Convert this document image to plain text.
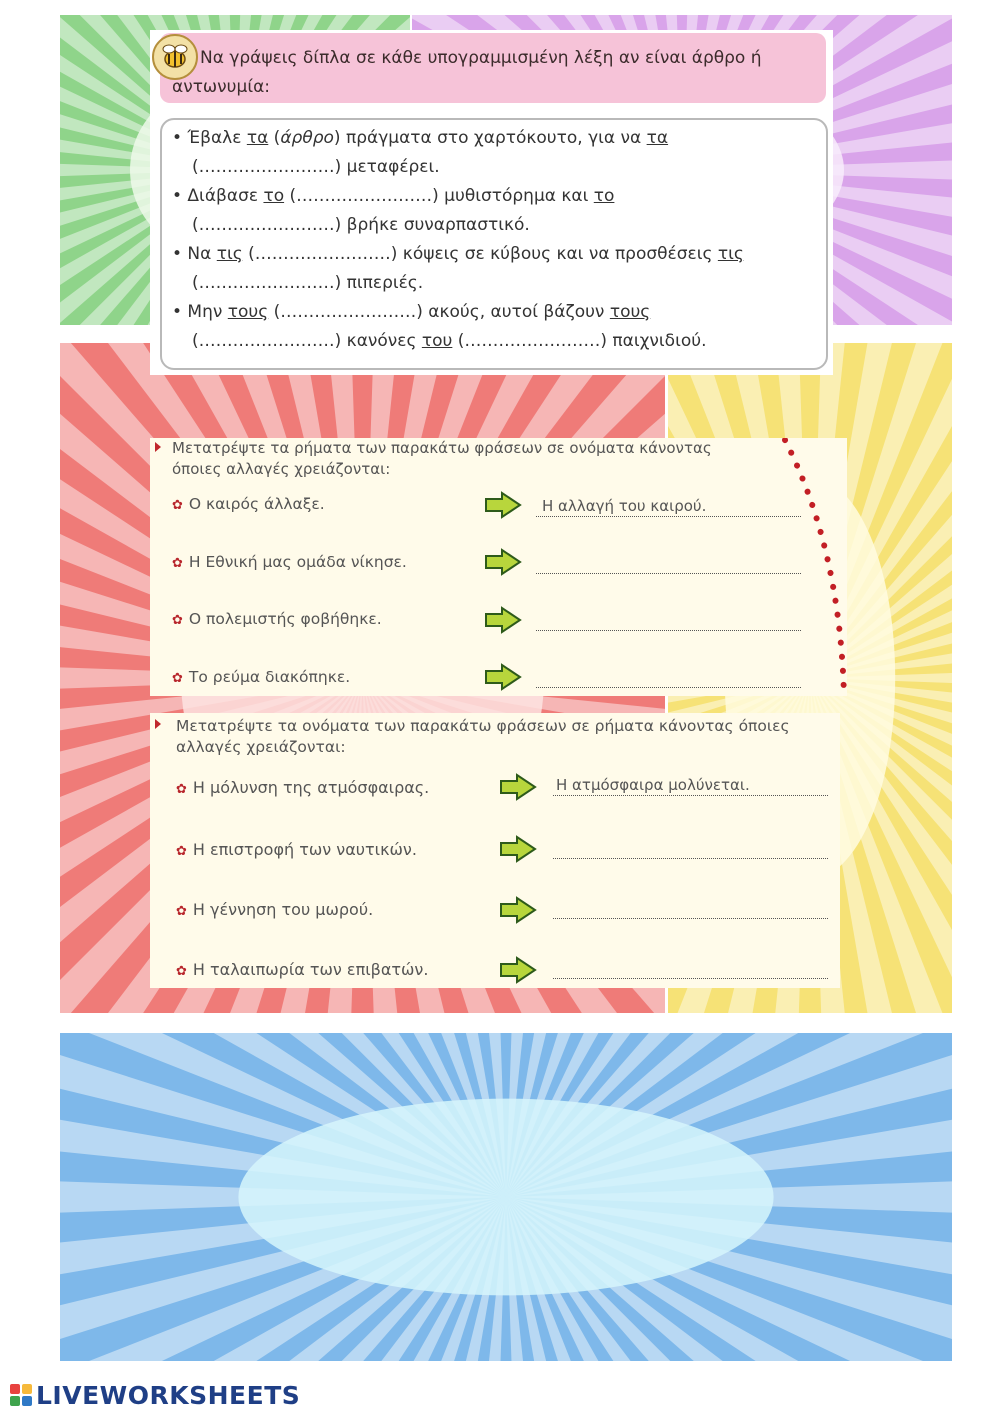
Να γράψεις δίπλα σε κάθε υπογραμμισμένη λέξη αν είναι άρθρο ή αντωνυμία:
• Έβαλε τα (άρθρο) πράγματα στο χαρτόκουτο, για να τα
(……………………) μεταφέρει.
• Διάβασε το (……………………) μυθιστόρημα και το
(……………………) βρήκε συναρπαστικό.
• Να τις (……………………) κόψεις σε κύβους και να προσθέσεις τις
(……………………) πιπεριές.
• Μην τους (……………………) ακούς, αυτοί βάζουν τους
(……………………) κανόνες του (……………………) παιχνιδιού.
Μετατρέψτε τα ρήματα των παρακάτω φράσεων σε ονόματα κάνοντας όποιες αλλαγές χρειάζονται:
✿ Ο καιρός άλλαξε.	Η αλλαγή του καιρού.
✿ Η Εθνική μας ομάδα νίκησε.
✿ Ο πολεμιστής φοβήθηκε.
✿ Το ρεύμα διακόπηκε.
Μετατρέψτε τα ονόματα των παρακάτω φράσεων σε ρήματα κάνοντας όποιες αλλαγές χρειάζονται:
✿ Η μόλυνση της ατμόσφαιρας.	Η ατμόσφαιρα μολύνεται.
✿ Η επιστροφή των ναυτικών.
✿ Η γέννηση του μωρού.
✿ Η ταλαιπωρία των επιβατών.
LIVEWORKSHEETS
